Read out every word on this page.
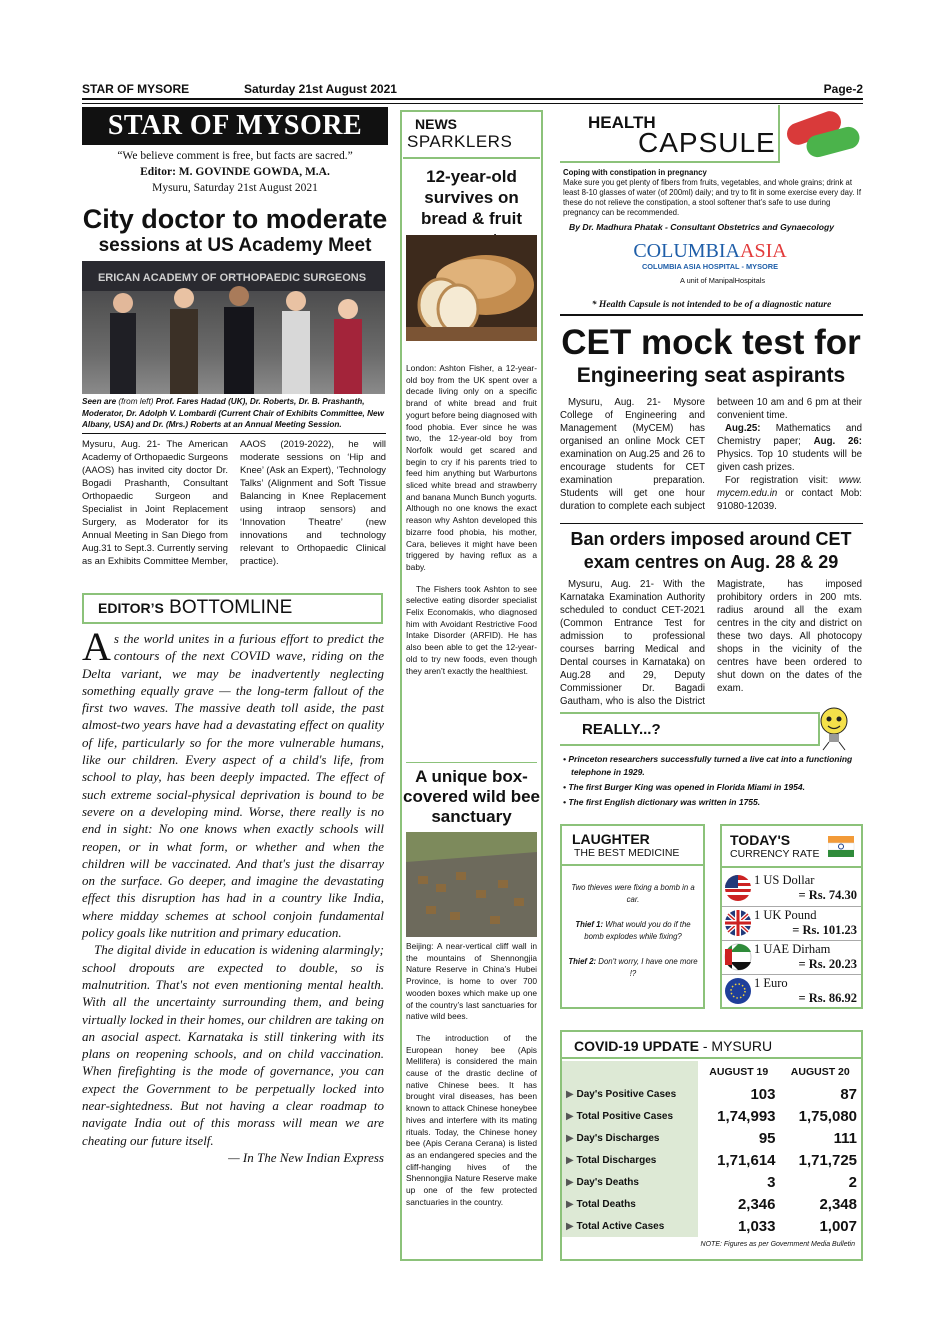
STAR OF MYSORE	Saturday 21st August 2021	Page-2
STAR OF MYSORE
“We believe comment is free, but facts are sacred.”
Editor: M. GOVINDE GOWDA, M.A.
Mysuru, Saturday 21st August 2021
City doctor to moderate
sessions at US Academy Meet
ERICAN ACADEMY OF ORTHOPAEDIC SURGEONS
Seen are (from left) Prof. Fares Hadad (UK), Dr. Roberts, Dr. B. Prashanth, Moderator, Dr. Adolph V. Lombardi (Current Chair of Exhibits Committee, New Albany, USA) and Dr. (Mrs.) Roberts at an Annual Meeting Session.
Mysuru, Aug. 21- The American Academy of Orthopaedic Surgeons (AAOS) has invited city doctor Dr. Bogadi Prashanth, Consultant Orthopaedic Surgeon and Specialist in Joint Replacement Surgery, as Moderator for its Annual Meeting in San Diego from Aug.31 to Sept.3. Currently serving as an Exhibits Committee Member, AAOS (2019-2022), he will moderate sessions on ‘Hip and Knee’ (Ask an Expert), ‘Technology Talks’ (Alignment and Soft Tissue Balancing in Knee Replacement using intraop sensors) and ‘Innovation Theatre’ (new innovations and technology relevant to Orthopaedic Clinical practice).
EDITOR’S BOTTOMLINE

As the world unites in a furious effort to predict the contours of the next COVID wave, riding on the Delta variant, we may be inadvertently neglecting something equally grave — the long-term fallout of the first two waves. The massive death toll aside, the past almost-two years have had a devastating effect on quality of life, particularly so for the more vulnerable humans, like our children. Every aspect of a child's life, from school to play, has been deeply impacted. The effect of such extreme social-physical deprivation is bound to be severe on a developing mind. Worse, there really is no end in sight: No one knows when exactly schools will reopen, or in what form, or whether and when the children will be vaccinated. And that's just the disarray on the surface. Go deeper, and imagine the devastating effect this disruption has had in a country like India, where midday schemes at school conjoin fundamental policy goals like nutrition and primary education.

The digital divide in education is widening alarmingly; school dropouts are expected to double, so is malnutrition. That's not even mentioning mental health. With all the uncertainty surrounding them, and being virtually locked in their homes, our children are taking on an asocial aspect. Karnataka is still tinkering with its plans on reopening schools, and on child vaccination. When firefighting is the mode of governance, you can expect the Government to be perpetually locked into near-sightedness. But not having a clear roadmap to navigate India out of this morass will mean we are cheating our future itself.

— In The New Indian Express

NEWS
SPARKLERS
12-year-old survives on bread & fruit

London: Ashton Fisher, a 12-year-old boy from the UK spent over a decade living only on a specific brand of white bread and fruit yogurt before being diagnosed with food phobia. Ever since he was two, the 12-year-old boy from Norfolk would get scared and begin to cry if his parents tried to feed him anything but Warburtons sliced white bread and strawberry and banana Munch Bunch yogurts. Although no one knows the exact reason why Ashton developed this bizarre food phobia, his mother, Cara, believes it might have been triggered by having reflux as a baby.

The Fishers took Ashton to see selective eating disorder specialist Felix Economakis, who diagnosed him with Avoidant Restrictive Food Intake Disorder (ARFID). He has also been able to get the 12-year-old to try new foods, even though they aren’t exactly the healthiest.

A unique box-covered wild bee sanctuary

Beijing: A near-vertical cliff wall in the mountains of Shennongjia Nature Reserve in China’s Hubei Province, is home to over 700 wooden boxes which make up one of the country’s last sanctuaries for native wild bees.

The introduction of the European honey bee (Apis Mellifera) is considered the main cause of the drastic decline of native Chinese bees. It has brought viral diseases, has been known to attack Chinese honeybee hives and interfere with its mating rituals. Today, the Chinese honey bee (Apis Cerana Cerana) is listed as an endangered species and the cliff-hanging hives of the Shennongjia Nature Reserve make up one of the few protected sanctuaries in the country.

HEALTH
CAPSULE
Coping with constipation in pregnancy
Make sure you get plenty of fibers from fruits, vegetables, and whole grains; drink at least 8-10 glasses of water (of 200ml) daily; and try to fit in some exercise every day. If these do not relieve the constipation, a stool softener that’s safe to use during pregnancy can be recommended.
By Dr. Madhura Phatak - Consultant Obstetrics and Gynaecology
COLUMBIAASIA
COLUMBIA ASIA HOSPITAL - MYSORE
A unit of ManipalHospitals
* Health Capsule is not intended to be of a diagnostic nature
CET mock test for
Engineering seat aspirants

Mysuru, Aug. 21- Mysore College of Engineering and Management (MyCEM) has organised an online Mock CET examination on Aug.25 and 26 to encourage students for CET examination preparation. Students will get one hour duration to complete each subject between 10 am and 6 pm at their convenient time.

Aug.25: Mathematics and Chemistry paper; Aug. 26: Physics. Top 10 students will be given cash prizes.

For registration visit: www. mycem.edu.in or contact Mob: 91080-12039.

Ban orders imposed around CET exam centres on Aug. 28 & 29
Mysuru, Aug. 21- With the Karnataka Examination Authority scheduled to conduct CET-2021 (Common Entrance Test for admission to professional courses barring Medical and Dental courses in Karnataka) on Aug.28 and 29, Deputy Commissioner Dr. Bagadi Gautham, who is also the District Magistrate, has imposed prohibitory orders in 200 mts. radius around all the exam centres in the city and district on these two days. All photocopy shops in the vicinity of the centres have been ordered to shut down on the dates of the exam.
REALLY...?
• Princeton researchers successfully turned a live cat into a functioning telephone in 1929.
• The first Burger King was opened in Florida Miami in 1954.
• The first English dictionary was written in 1755.
LAUGHTER
THE BEST MEDICINE
Two thieves were fixing a bomb in a car.
Thief 1: What would you do if the bomb explodes while fixing?
Thief 2: Don't worry, I have one more !?
TODAY'S
CURRENCY RATE
1 US Dollar
= Rs. 74.30
1 UK Pound
= Rs. 101.23
1 UAE Dirham
= Rs. 20.23
1 Euro
= Rs. 86.92
COVID-19 UPDATE - MYSURU
	AUGUST 19	AUGUST 20
▶ Day's Positive Cases	103	87
▶ Total Positive Cases	1,74,993	1,75,080
▶ Day's Discharges	95	111
▶ Total Discharges	1,71,614	1,71,725
▶ Day's Deaths	3	2
▶ Total Deaths	2,346	2,348
▶ Total Active Cases	1,033	1,007
NOTE: Figures as per Government Media Bulletin
